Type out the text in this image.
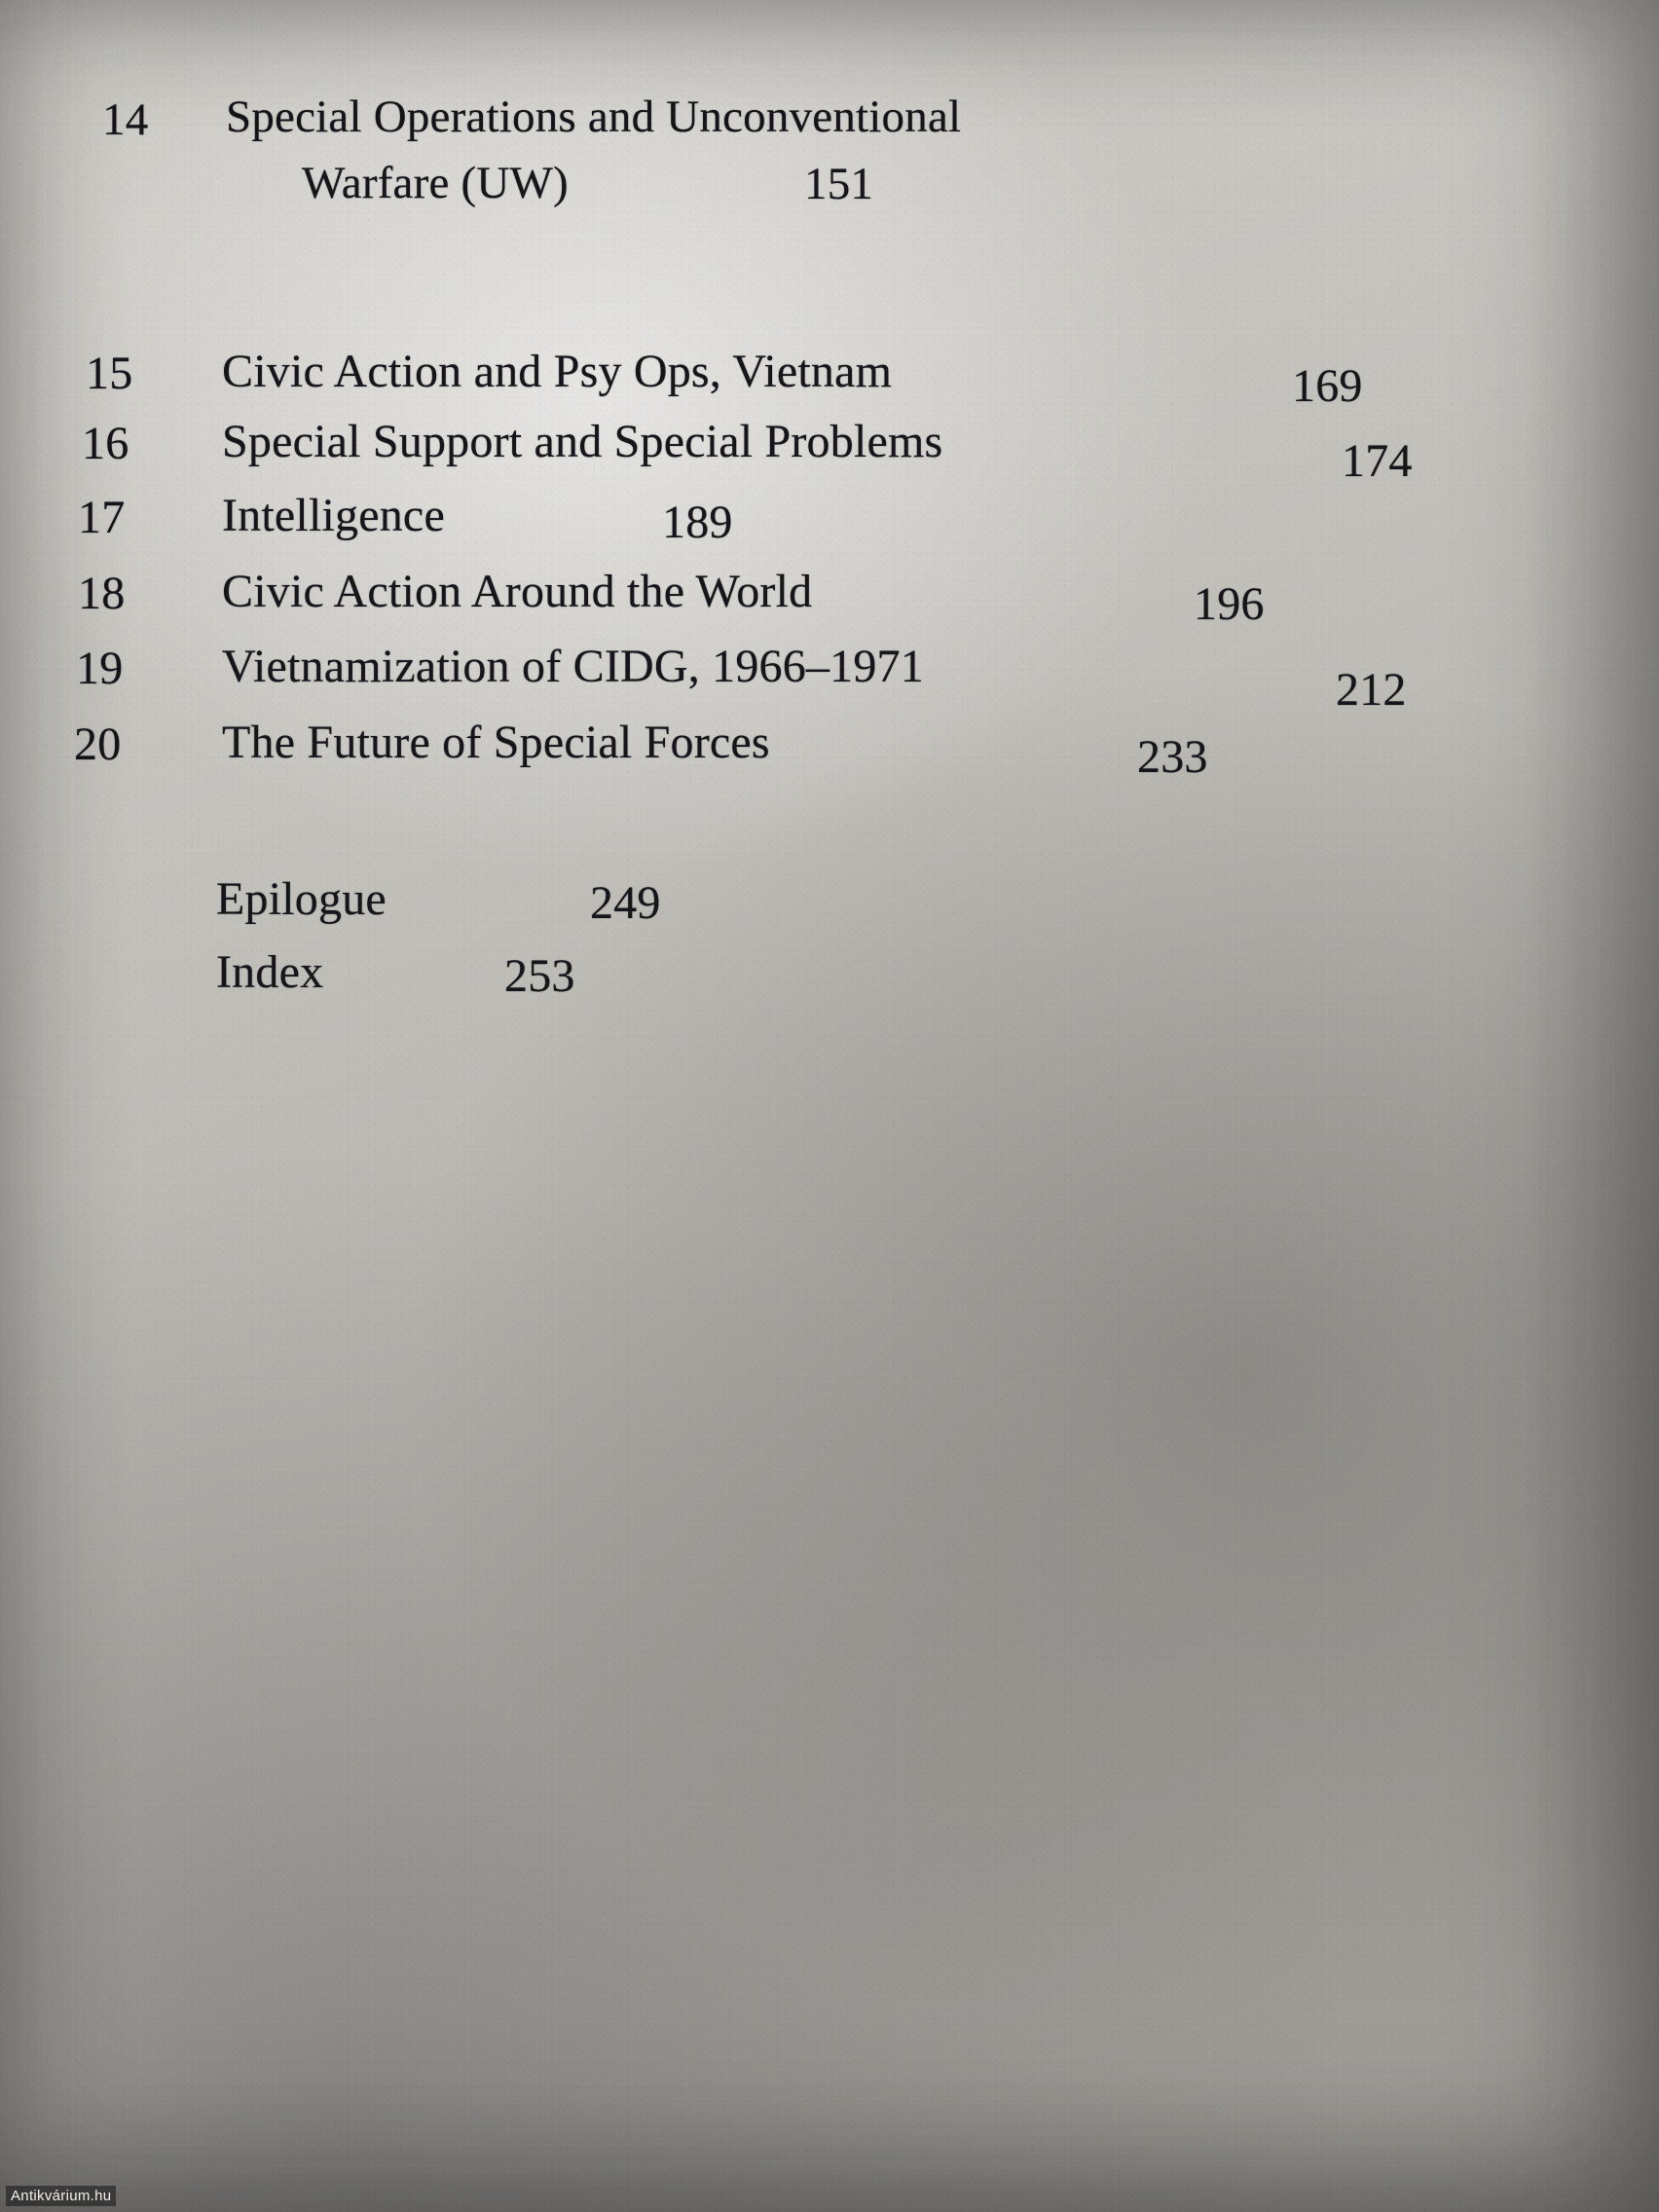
14 Special Operations and Unconventional
Warfare (UW)	151
15 Civic Action and Psy Ops, Vietnam	169
16 Special Support and Special Problems	174
17 Intelligence	189
18 Civic Action Around the World	196
19 Vietnamization of CIDG, 1966–1971	212
20 The Future of Special Forces	233
Epilogue	249
Index	253
Antikvárium.hu
